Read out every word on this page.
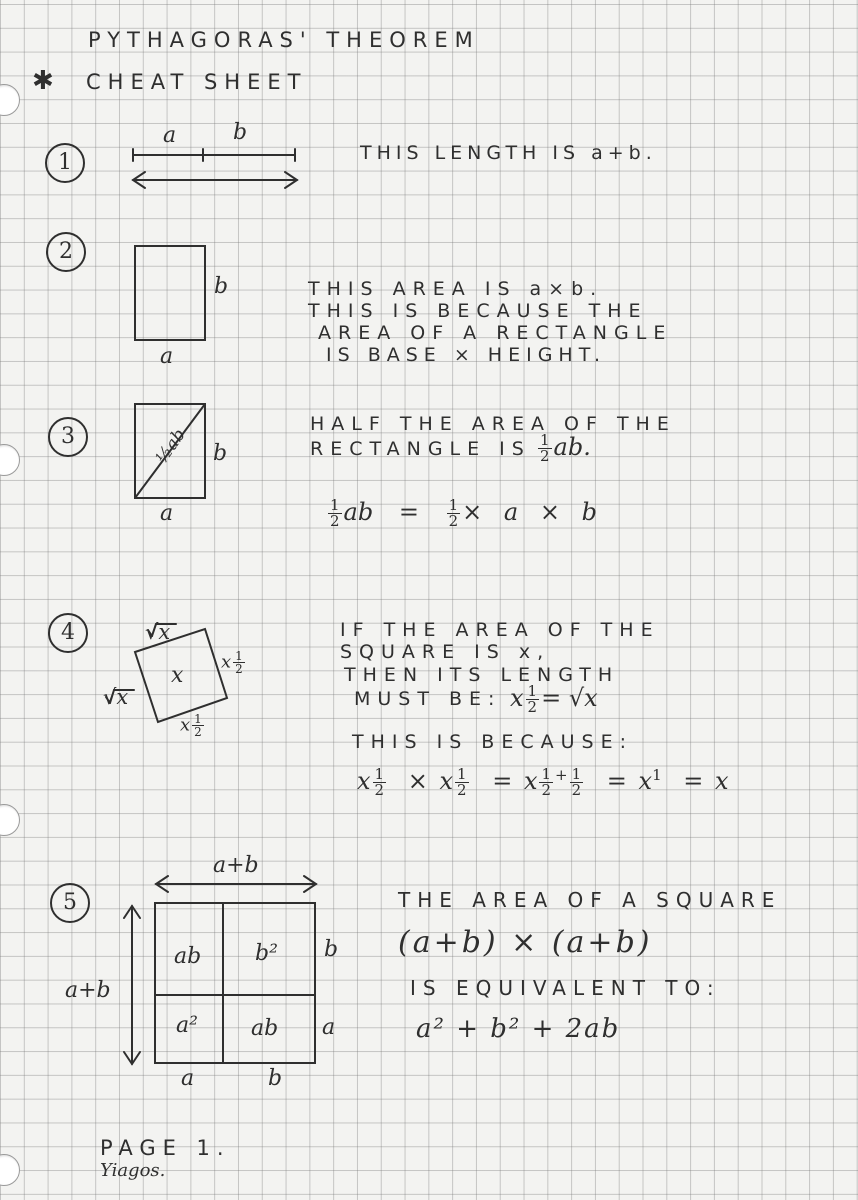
PYTHAGORAS' THEOREM
✱ CHEAT SHEET
1
2
3
4
5
a	b
THIS LENGTH IS a+b.
b
a
THIS AREA IS a×b.
THIS IS BECAUSE THE
AREA OF A RECTANGLE
IS BASE × HEIGHT.
b
a
½ab
HALF THE AREA OF THE
RECTANGLE IS $\frac{1}{2}$ ab.
$\frac{1}{2}$ ab = $\frac{1}{2} \times a \times b$
√x
√x
x
x $\frac{1}{2}$
x $\frac{1}{2}$
IF THE AREA OF THE
SQUARE IS x,
THEN ITS LENGTH
MUST BE: x $\frac{1}{2} = √x$
THIS IS BECAUSE:
x $\frac{1}{2} \times x \frac{1}{2} = x \frac{1}{2} ^+ \frac{1}{2} = x^1 = x$
a+b
a+b
ab b²
a² ab
b
a
a	b
THE AREA OF A SQUARE
(a+b) × (a+b)
IS EQUIVALENT TO:
a² + b² + 2ab
PAGE 1.
Yiagos.
